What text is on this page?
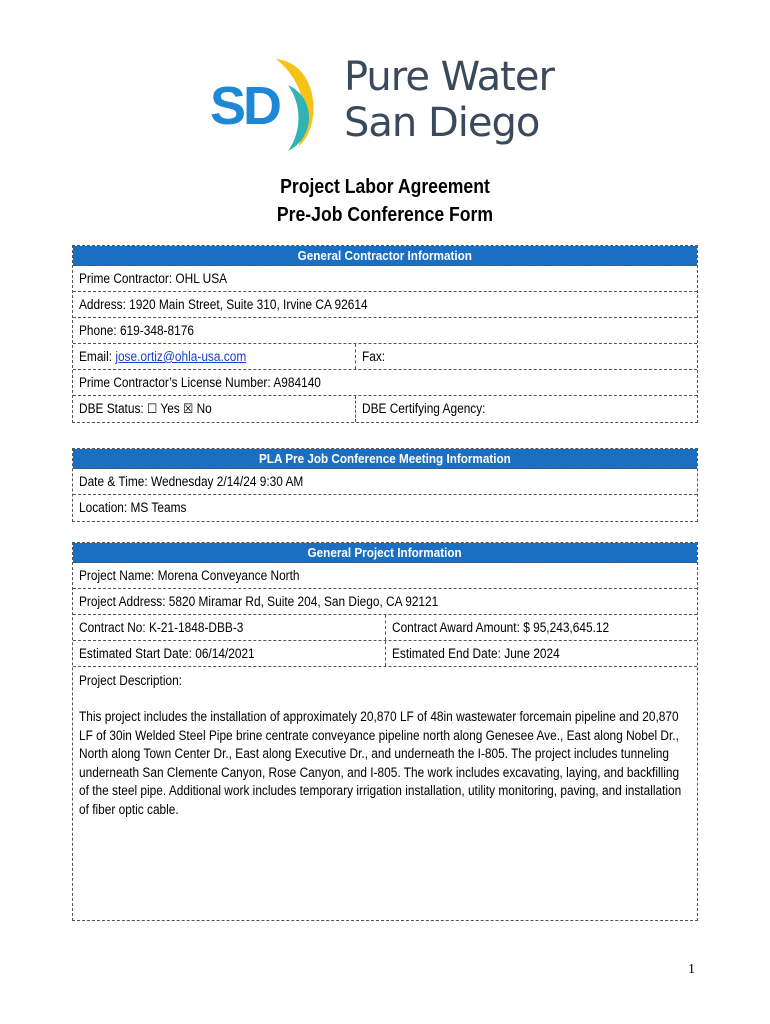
SD Pure Water
San Diego
Project Labor Agreement
Pre-Job Conference Form
General Contractor Information
Prime Contractor: OHL USA
Address: 1920 Main Street, Suite 310, Irvine CA 92614
Phone: 619-348-8176
Email: jose.ortiz@ohla-usa.com	Fax:
Prime Contractor’s License Number: A984140
DBE Status: ☐ Yes ☒ No	DBE Certifying Agency:
PLA Pre Job Conference Meeting Information
Date & Time: Wednesday 2/14/24 9:30 AM
Location: MS Teams
General Project Information
Project Name: Morena Conveyance North
Project Address: 5820 Miramar Rd, Suite 204, San Diego, CA 92121
Contract No: K-21-1848-DBB-3	Contract Award Amount: $ 95,243,645.12
Estimated Start Date: 06/14/2021	Estimated End Date: June 2024
Project Description:

This project includes the installation of approximately 20,870 LF of 48in wastewater forcemain pipeline and 20,870 LF of 30in Welded Steel Pipe brine centrate conveyance pipeline north along Genesee Ave., East along Nobel Dr., North along Town Center Dr., East along Executive Dr., and underneath the I-805. The project includes tunneling underneath San Clemente Canyon, Rose Canyon, and I-805. The work includes excavating, laying, and backfilling of the steel pipe. Additional work includes temporary irrigation installation, utility monitoring, paving, and installation of fiber optic cable.

1
